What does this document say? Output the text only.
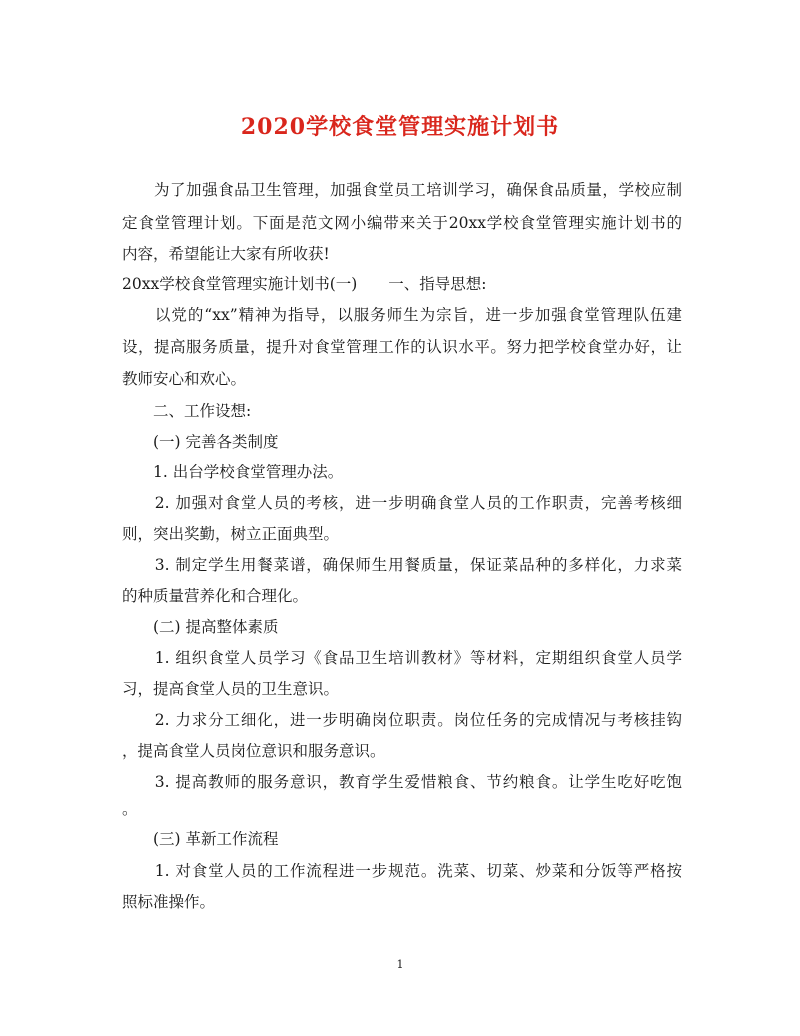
2020学校食堂管理实施计划书
　　为了加强食品卫生管理，加强食堂员工培训学习，确保食品质量，学校应制
定食堂管理计划。下面是范文网小编带来关于20xx学校食堂管理实施计划书的
内容，希望能让大家有所收获!
20xx学校食堂管理实施计划书(一)　　一、指导思想:
　　以党的“xx”精神为指导，以服务师生为宗旨，进一步加强食堂管理队伍建
设，提高服务质量，提升对食堂管理工作的认识水平。努力把学校食堂办好，让
教师安心和欢心。
　　二、工作设想:
　　(一) 完善各类制度
　　1. 出台学校食堂管理办法。
　　2. 加强对食堂人员的考核，进一步明确食堂人员的工作职责，完善考核细
则，突出奖勤，树立正面典型。
　　3. 制定学生用餐菜谱，确保师生用餐质量，保证菜品种的多样化，力求菜
的种质量营养化和合理化。
　　(二) 提高整体素质
　　1. 组织食堂人员学习《食品卫生培训教材》等材料，定期组织食堂人员学
习，提高食堂人员的卫生意识。
　　2. 力求分工细化，进一步明确岗位职责。岗位任务的完成情况与考核挂钩
，提高食堂人员岗位意识和服务意识。
　　3. 提高教师的服务意识，教育学生爱惜粮食、节约粮食。让学生吃好吃饱
。
　　(三) 革新工作流程
　　1. 对食堂人员的工作流程进一步规范。洗菜、切菜、炒菜和分饭等严格按
照标准操作。
1
